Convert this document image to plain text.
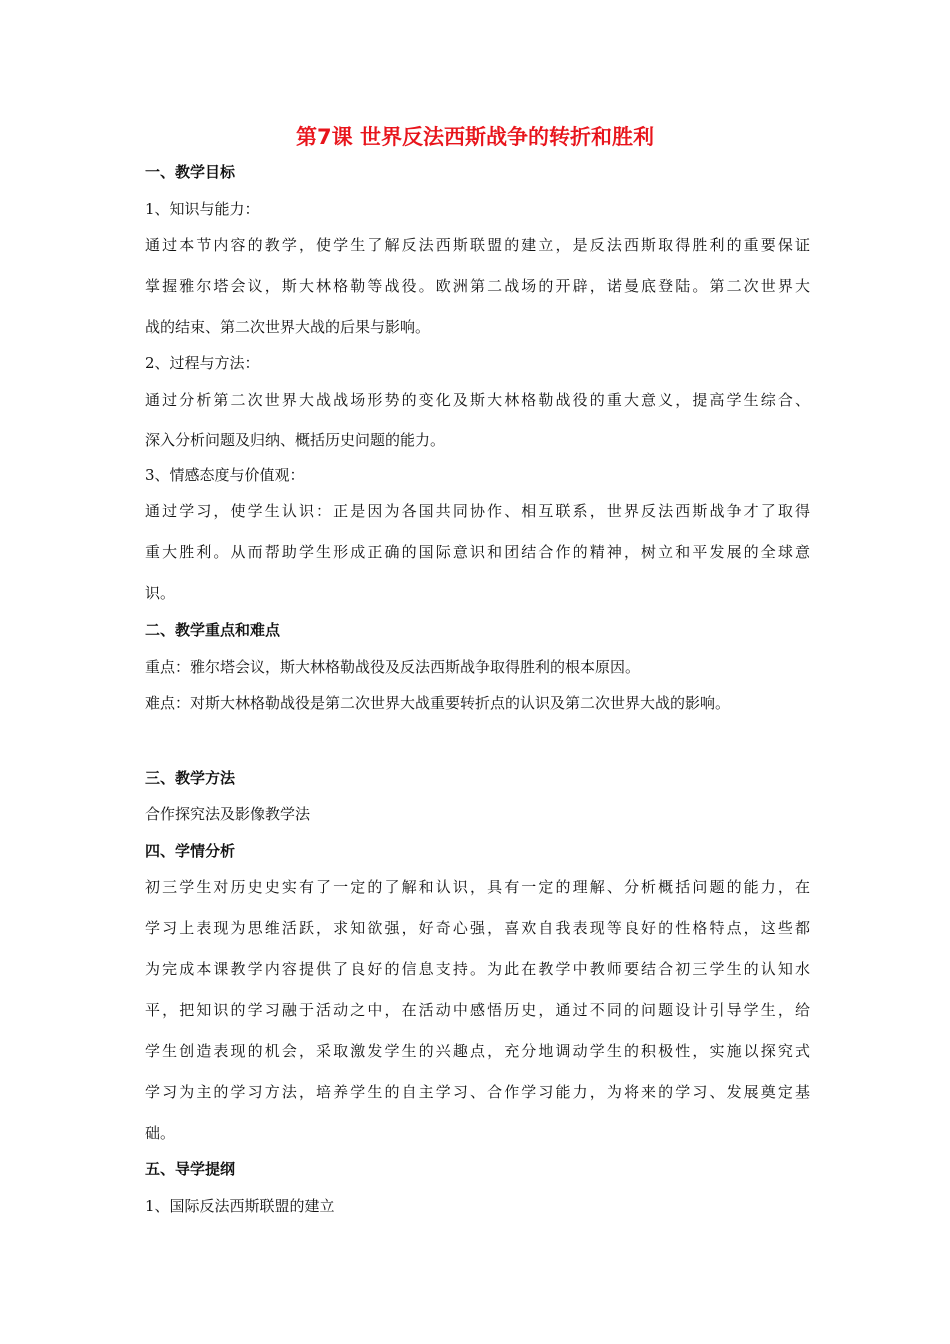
第7课 世界反法西斯战争的转折和胜利
一、教学目标
1、知识与能力：
通过本节内容的教学，使学生了解反法西斯联盟的建立，是反法西斯取得胜利的重要保证
掌握雅尔塔会议，斯大林格勒等战役。欧洲第二战场的开辟，诺曼底登陆。第二次世界大
战的结束、第二次世界大战的后果与影响。
2、过程与方法：
通过分析第二次世界大战战场形势的变化及斯大林格勒战役的重大意义，提高学生综合、
深入分析问题及归纳、概括历史问题的能力。
3、情感态度与价值观：
通过学习，使学生认识：正是因为各国共同协作、相互联系，世界反法西斯战争才了取得
重大胜利。从而帮助学生形成正确的国际意识和团结合作的精神，树立和平发展的全球意
识。
二、教学重点和难点
重点：雅尔塔会议，斯大林格勒战役及反法西斯战争取得胜利的根本原因。
难点：对斯大林格勒战役是第二次世界大战重要转折点的认识及第二次世界大战的影响。
三、教学方法
合作探究法及影像教学法
四、学情分析
初三学生对历史史实有了一定的了解和认识，具有一定的理解、分析概括问题的能力，在
学习上表现为思维活跃，求知欲强，好奇心强，喜欢自我表现等良好的性格特点，这些都
为完成本课教学内容提供了良好的信息支持。为此在教学中教师要结合初三学生的认知水
平，把知识的学习融于活动之中，在活动中感悟历史，通过不同的问题设计引导学生，给
学生创造表现的机会，采取激发学生的兴趣点，充分地调动学生的积极性，实施以探究式
学习为主的学习方法，培养学生的自主学习、合作学习能力，为将来的学习、发展奠定基
础。
五、导学提纲
1、国际反法西斯联盟的建立
